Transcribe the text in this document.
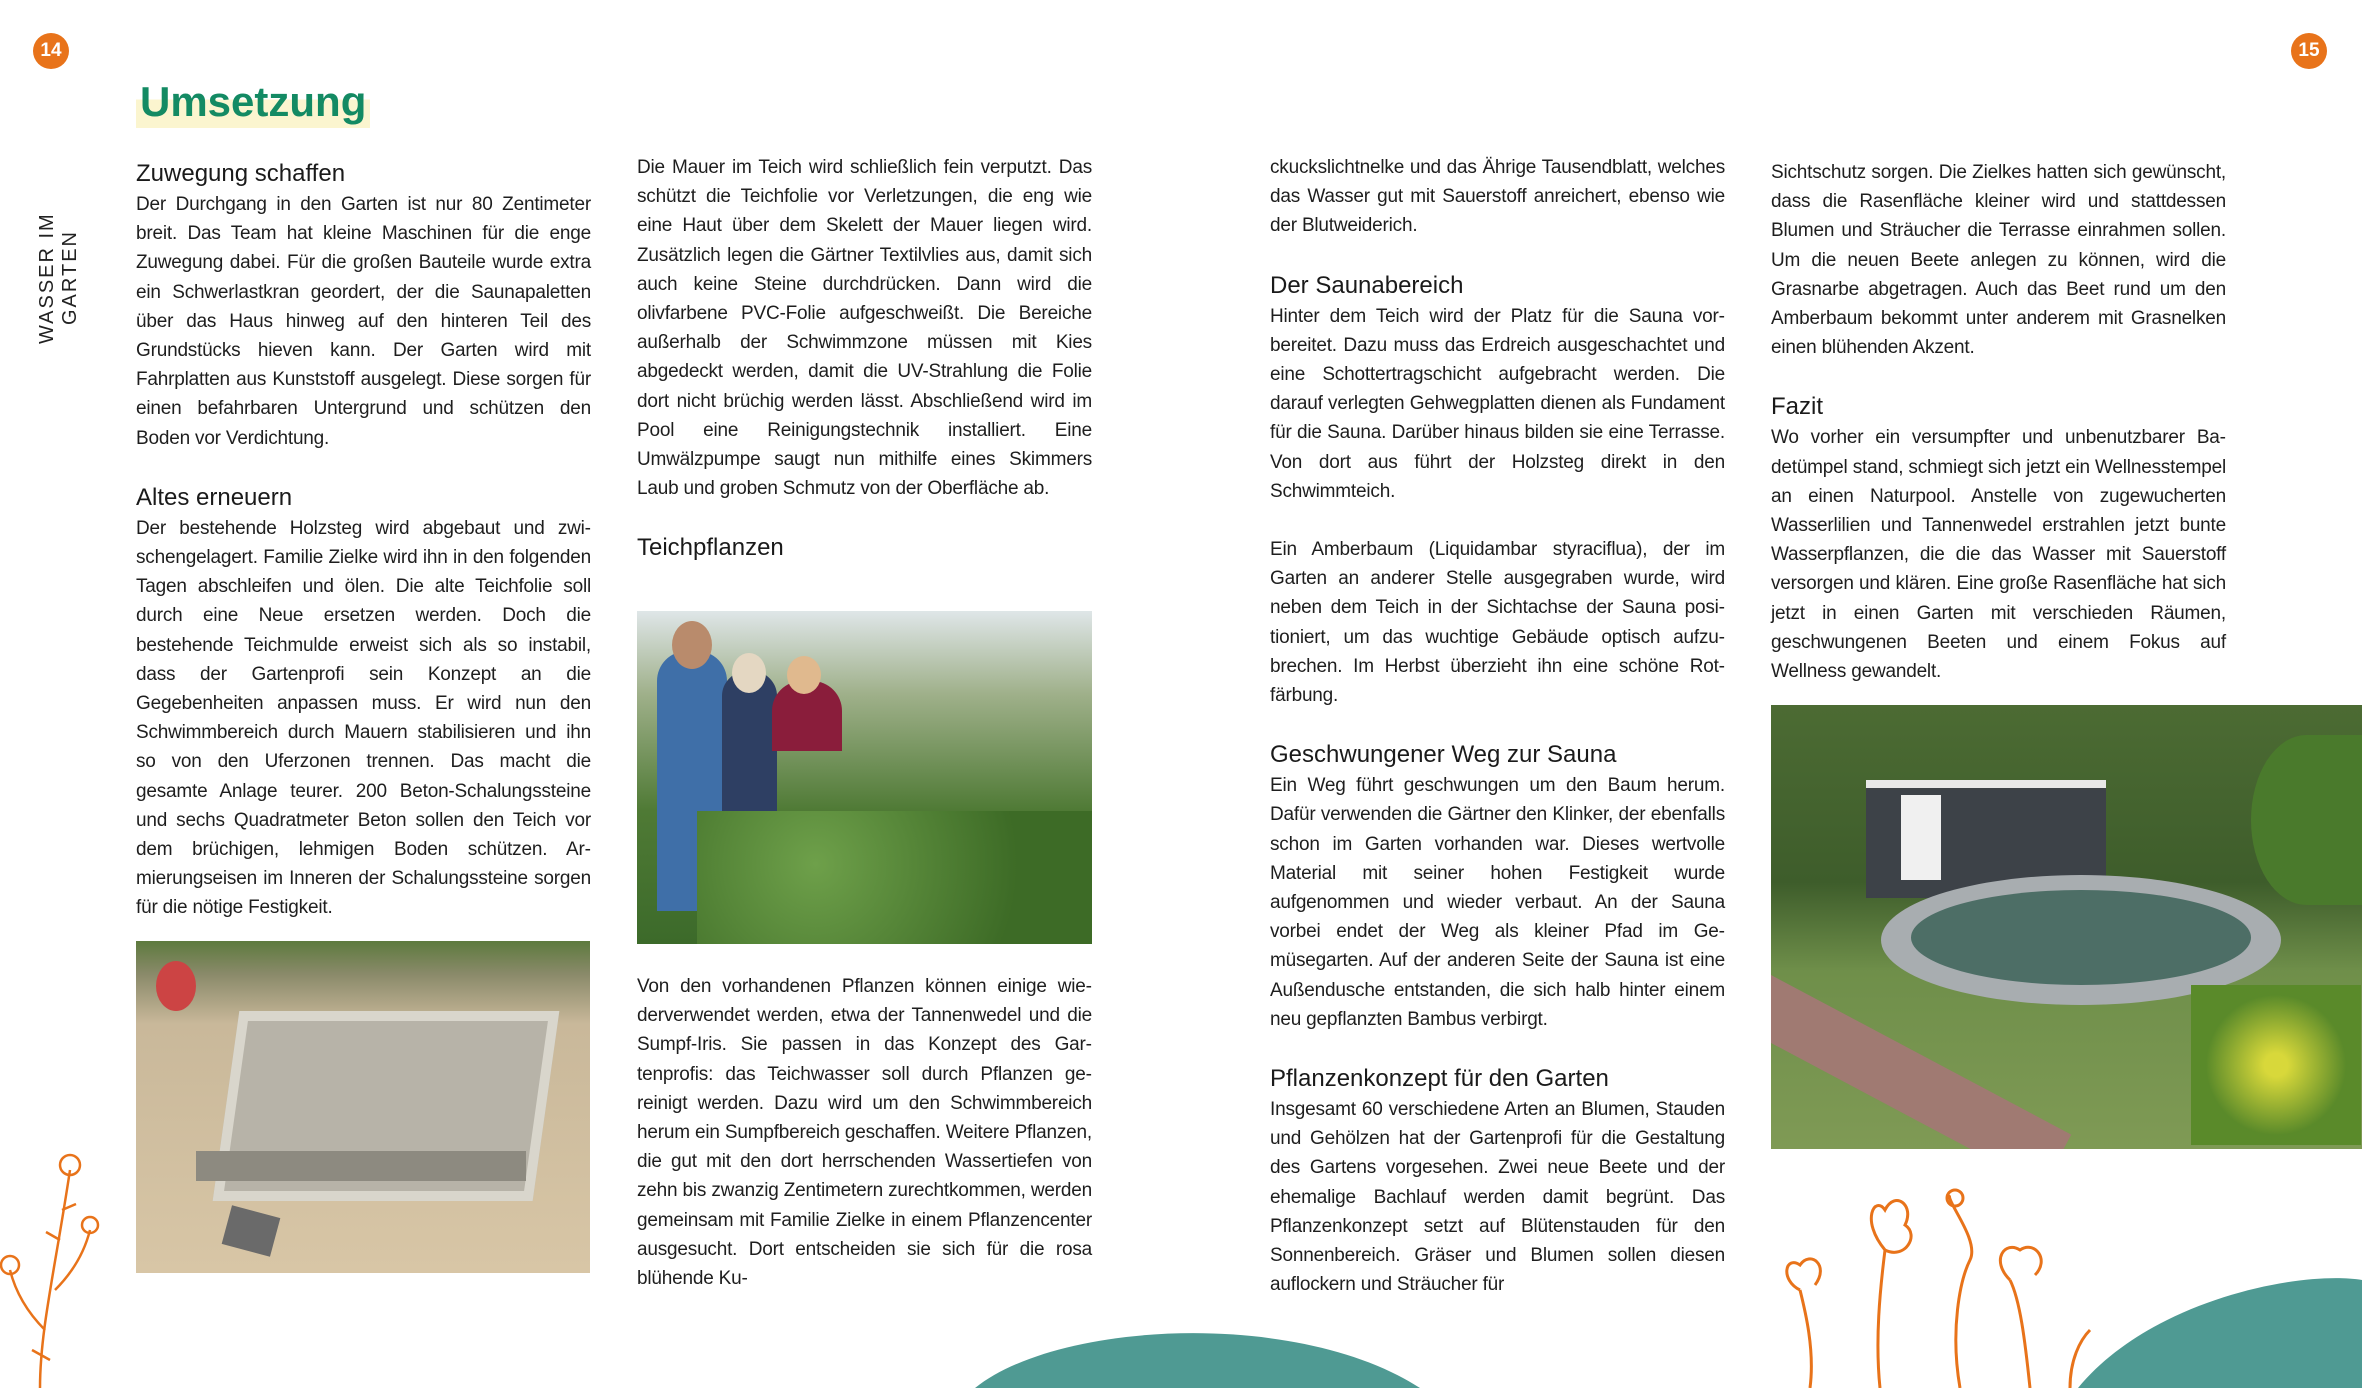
14	15
WASSER IM GARTEN
Umsetzung
Zuwegung schaffen

Der Durchgang in den Garten ist nur 80 Zentimeter breit. Das Team hat kleine Maschinen für die enge Zuwegung dabei. Für die großen Bauteile wurde extra ein Schwerlastkran geordert, der die Saunapaletten über das Haus hinweg auf den hinteren Teil des Grundstücks hieven kann. Der Garten wird mit Fahrplatten aus Kunststoff ausgelegt. Diese sorgen für einen befahrbaren Untergrund und schützen den Boden vor Verdichtung.

Altes erneuern

Der bestehende Holzsteg wird abgebaut und zwischengelagert. Familie Zielke wird ihn in den folgenden Tagen abschleifen und ölen. Die alte Teichfolie soll durch eine Neue ersetzen werden. Doch die bestehende Teichmulde erweist sich als so instabil, dass der Gartenprofi sein Konzept an die Gegebenheiten anpassen muss. Er wird nun den Schwimmbereich durch Mauern stabilisieren und ihn so von den Uferzonen trennen. Das macht die gesamte Anlage teurer. 200 Beton-Schalungssteine und sechs Quadratmeter Beton sollen den Teich vor dem brüchigen, lehmigen Boden schützen. Armierungseisen im Inneren der Schalungssteine sorgen für die nötige Festigkeit.

Die Mauer im Teich wird schließlich fein verputzt. Das schützt die Teichfolie vor Verletzungen, die eng wie eine Haut über dem Skelett der Mauer liegen wird. Zusätzlich legen die Gärtner Textilvlies aus, damit sich auch keine Steine durchdrücken. Dann wird die olivfarbene PVC-Folie aufgeschweißt. Die Bereiche außerhalb der Schwimmzone müssen mit Kies abgedeckt werden, damit die UV-Strahlung die Folie dort nicht brüchig werden lässt. Abschließend wird im Pool eine Reinigungstechnik installiert. Eine Umwälzpumpe saugt nun mithilfe eines Skimmers Laub und groben Schmutz von der Oberfläche ab.

Teichpflanzen

Von den vorhandenen Pflanzen können einige wiederverwendet werden, etwa der Tannenwedel und die Sumpf-Iris. Sie passen in das Konzept des Gartenprofis: das Teichwasser soll durch Pflanzen gereinigt werden. Dazu wird um den Schwimmbereich herum ein Sumpfbereich geschaffen. Weitere Pflanzen, die gut mit den dort herrschenden Wassertiefen von zehn bis zwanzig Zentimetern zurechtkommen, werden gemeinsam mit Familie Zielke in einem Pflanzencenter ausgesucht. Dort entscheiden sie sich für die rosa blühende Ku-

ckuckslichtnelke und das Ährige Tausendblatt, welches das Wasser gut mit Sauerstoff anreichert, ebenso wie der Blutweiderich.

Der Saunabereich

Hinter dem Teich wird der Platz für die Sauna vorbereitet. Dazu muss das Erdreich ausgeschachtet und eine Schottertragschicht aufgebracht werden. Die darauf verlegten Gehwegplatten dienen als Fundament für die Sauna. Darüber hinaus bilden sie eine Terrasse. Von dort aus führt der Holzsteg direkt in den Schwimmteich.

Ein Amberbaum (Liquidambar styraciflua), der im Garten an anderer Stelle ausgegraben wurde, wird neben dem Teich in der Sichtachse der Sauna positioniert, um das wuchtige Gebäude optisch aufzubrechen. Im Herbst überzieht ihn eine schöne Rotfärbung.

Geschwungener Weg zur Sauna

Ein Weg führt geschwungen um den Baum herum. Dafür verwenden die Gärtner den Klinker, der ebenfalls schon im Garten vorhanden war. Dieses wertvolle Material mit seiner hohen Festigkeit wurde aufgenommen und wieder verbaut. An der Sauna vorbei endet der Weg als kleiner Pfad im Gemüsegarten. Auf der anderen Seite der Sauna ist eine Außendusche entstanden, die sich halb hinter einem neu gepflanzten Bambus verbirgt.

Pflanzenkonzept für den Garten

Insgesamt 60 verschiedene Arten an Blumen, Stauden und Gehölzen hat der Gartenprofi für die Gestaltung des Gartens vorgesehen. Zwei neue Beete und der ehemalige Bachlauf werden damit begrünt. Das Pflanzenkonzept setzt auf Blütenstauden für den Sonnenbereich. Gräser und Blumen sollen diesen auflockern und Sträucher für

Sichtschutz sorgen. Die Zielkes hatten sich gewünscht, dass die Rasenfläche kleiner wird und stattdessen Blumen und Sträucher die Terrasse einrahmen sollen. Um die neuen Beete anlegen zu können, wird die Grasnarbe abgetragen. Auch das Beet rund um den Amberbaum bekommt unter anderem mit Grasnelken einen blühenden Akzent.

Fazit

Wo vorher ein versumpfter und unbenutzbarer Badetümpel stand, schmiegt sich jetzt ein Wellnesstempel an einen Naturpool. Anstelle von zugewucherten Wasserlilien und Tannenwedel erstrahlen jetzt bunte Wasserpflanzen, die die das Wasser mit Sauerstoff versorgen und klären. Eine große Rasenfläche hat sich jetzt in einen Garten mit verschieden Räumen, geschwungenen Beeten und einem Fokus auf Wellness gewandelt.
